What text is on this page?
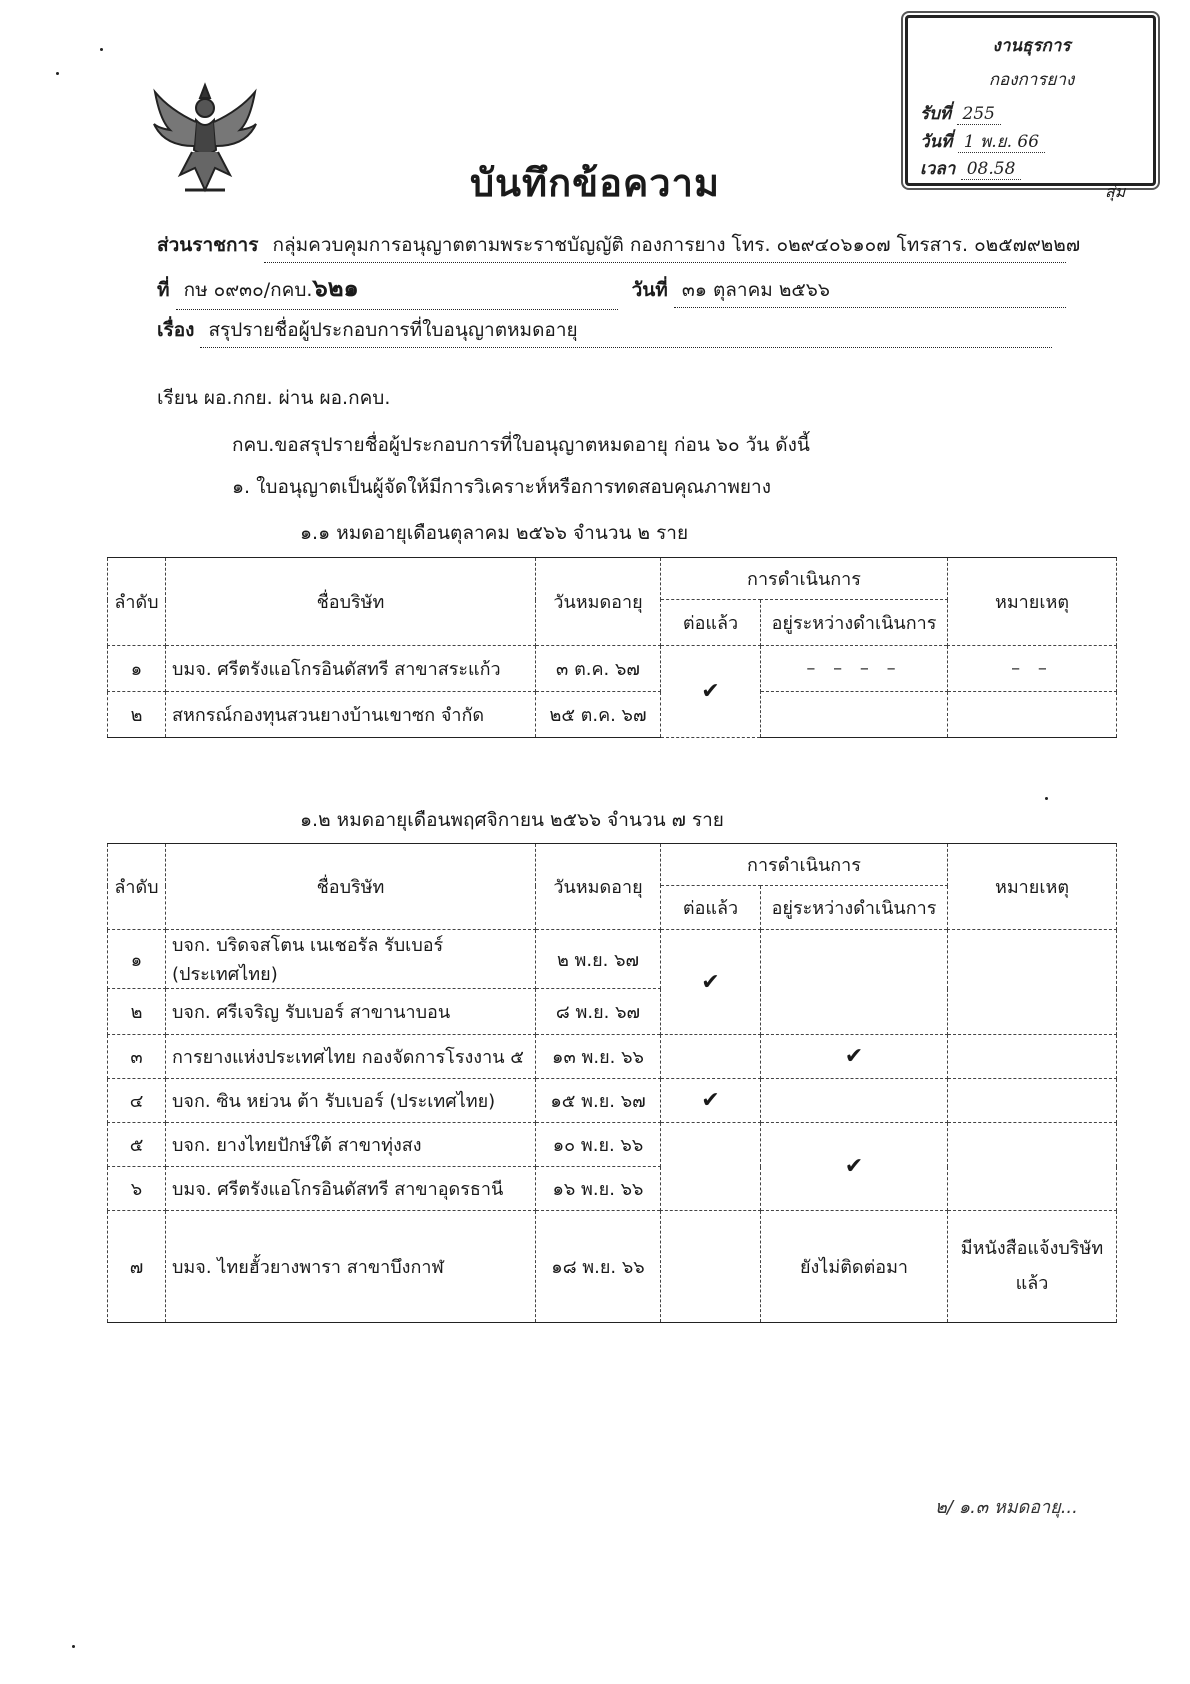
งานธุรการ
กองการยาง
รับที่ 255
วันที่ 1 พ.ย. 66
เวลา 08.58
สุ่ม
บันทึกข้อความ
ส่วนราชการ กลุ่มควบคุมการอนุญาตตามพระราชบัญญัติ กองการยาง โทร. ๐๒๙๔๐๖๑๐๗ โทรสาร. ๐๒๕๗๙๒๒๗
ที่ กษ ๐๙๓๐/กคบ.๖๒๑	วันที่ ๓๑ ตุลาคม ๒๕๖๖
เรื่อง สรุปรายชื่อผู้ประกอบการที่ใบอนุญาตหมดอายุ
เรียน ผอ.กกย. ผ่าน ผอ.กคบ.
กคบ.ขอสรุปรายชื่อผู้ประกอบการที่ใบอนุญาตหมดอายุ ก่อน ๖๐ วัน ดังนี้
๑. ใบอนุญาตเป็นผู้จัดให้มีการวิเคราะห์หรือการทดสอบคุณภาพยาง
๑.๑ หมดอายุเดือนตุลาคม ๒๕๖๖ จำนวน ๒ ราย
ลำดับ	ชื่อบริษัท	วันหมดอายุ	การดำเนินการ		หมายเหตุ
			ต่อแล้ว	อยู่ระหว่างดำเนินการ	
๑	บมจ. ศรีตรังแอโกรอินดัสทรี สาขาสระแก้ว	๓ ต.ค. ๖๗	✔	– – – –	– –
๒	สหกรณ์กองทุนสวนยางบ้านเขาซก จำกัด	๒๕ ต.ค. ๖๗			
๑.๒ หมดอายุเดือนพฤศจิกายน ๒๕๖๖ จำนวน ๗ ราย
ลำดับ	ชื่อบริษัท	วันหมดอายุ	การดำเนินการ		หมายเหตุ
			ต่อแล้ว	อยู่ระหว่างดำเนินการ	
๑	บจก. บริดจสโตน เนเชอรัล รับเบอร์ (ประเทศไทย)	๒ พ.ย. ๖๗	✔		
๒	บจก. ศรีเจริญ รับเบอร์ สาขานาบอน	๘ พ.ย. ๖๗			
๓	การยางแห่งประเทศไทย กองจัดการโรงงาน ๕	๑๓ พ.ย. ๖๖		✔	
๔	บจก. ซิน หย่วน ต้า รับเบอร์ (ประเทศไทย)	๑๕ พ.ย. ๖๗	✔		
๕	บจก. ยางไทยปักษ์ใต้ สาขาทุ่งสง	๑๐ พ.ย. ๖๖		✔	
๖	บมจ. ศรีตรังแอโกรอินดัสทรี สาขาอุดรธานี	๑๖ พ.ย. ๖๖			
๗	บมจ. ไทยฮั้วยางพารา สาขาบึงกาฬ	๑๘ พ.ย. ๖๖		ยังไม่ติดต่อมา	มีหนังสือแจ้งบริษัทแล้ว
๒/ ๑.๓ หมดอายุ...
